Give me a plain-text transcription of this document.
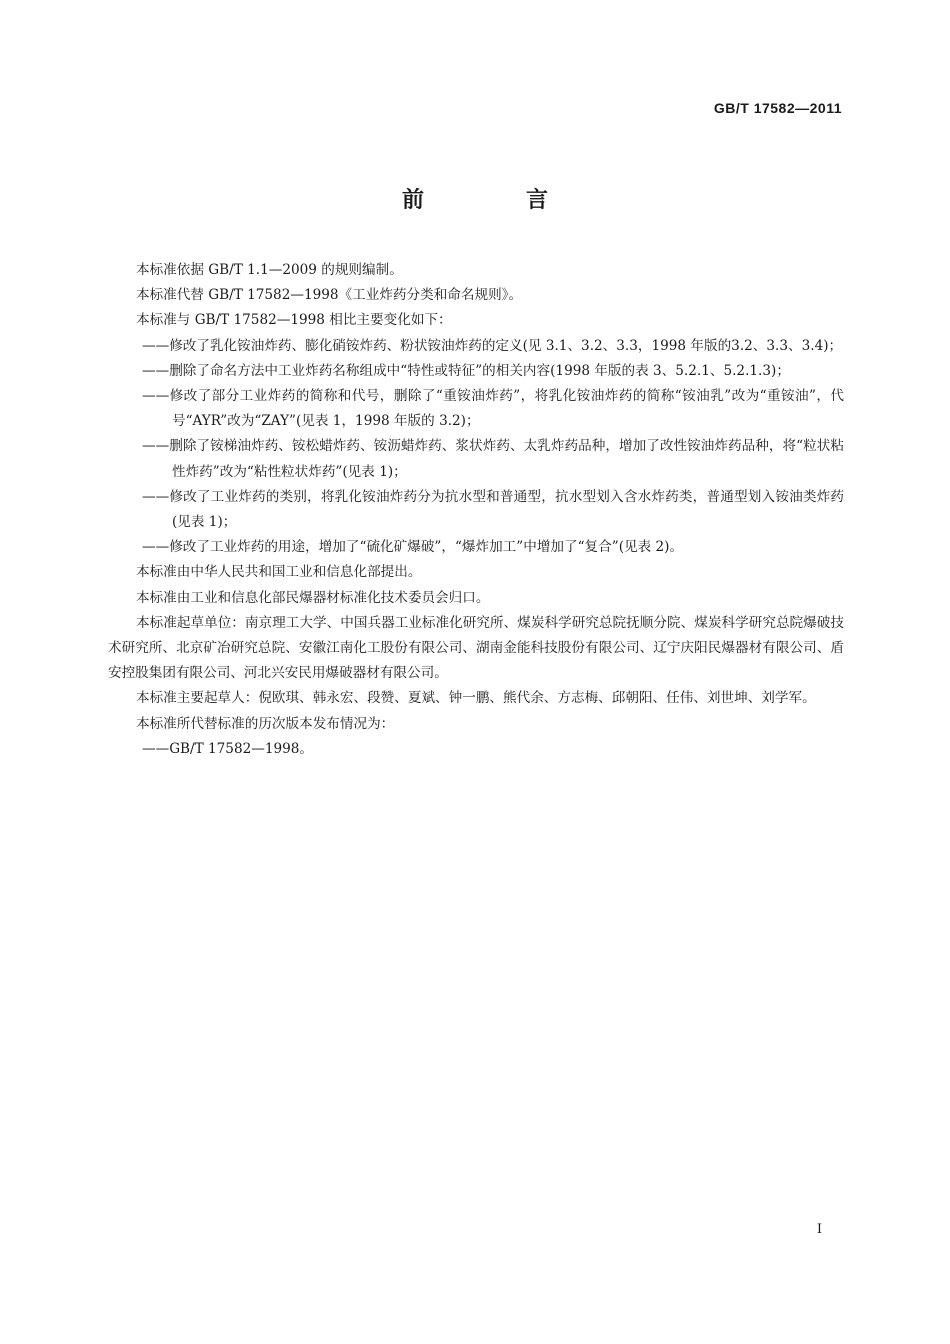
GB/T 17582—2011
前　言

本标准依据 GB/T 1.1—2009 的规则编制。

本标准代替 GB/T 17582—1998《工业炸药分类和命名规则》。

本标准与 GB/T 17582—1998 相比主要变化如下：

——修改了乳化铵油炸药、膨化硝铵炸药、粉状铵油炸药的定义(见 3.1、3.2、3.3，1998 年版的3.2、3.3、3.4)；

——删除了命名方法中工业炸药名称组成中“特性或特征”的相关内容(1998 年版的表 3、5.2.1、5.2.1.3)；

——修改了部分工业炸药的简称和代号，删除了“重铵油炸药”，将乳化铵油炸药的简称“铵油乳”改为“重铵油”，代号“AYR”改为“ZAY”(见表 1，1998 年版的 3.2)；

——删除了铵梯油炸药、铵松蜡炸药、铵沥蜡炸药、浆状炸药、太乳炸药品种，增加了改性铵油炸药品种，将“粒状粘性炸药”改为“粘性粒状炸药”(见表 1)；

——修改了工业炸药的类别，将乳化铵油炸药分为抗水型和普通型，抗水型划入含水炸药类，普通型划入铵油类炸药(见表 1)；

——修改了工业炸药的用途，增加了“硫化矿爆破”，“爆炸加工”中增加了“复合”(见表 2)。

本标准由中华人民共和国工业和信息化部提出。

本标准由工业和信息化部民爆器材标准化技术委员会归口。

本标准起草单位：南京理工大学、中国兵器工业标准化研究所、煤炭科学研究总院抚顺分院、煤炭科学研究总院爆破技术研究所、北京矿冶研究总院、安徽江南化工股份有限公司、湖南金能科技股份有限公司、辽宁庆阳民爆器材有限公司、盾安控股集团有限公司、河北兴安民用爆破器材有限公司。

本标准主要起草人：倪欧琪、韩永宏、段赞、夏斌、钟一鹏、熊代余、方志梅、邱朝阳、任伟、刘世坤、刘学军。

本标准所代替标准的历次版本发布情况为：

——GB/T 17582—1998。

I
